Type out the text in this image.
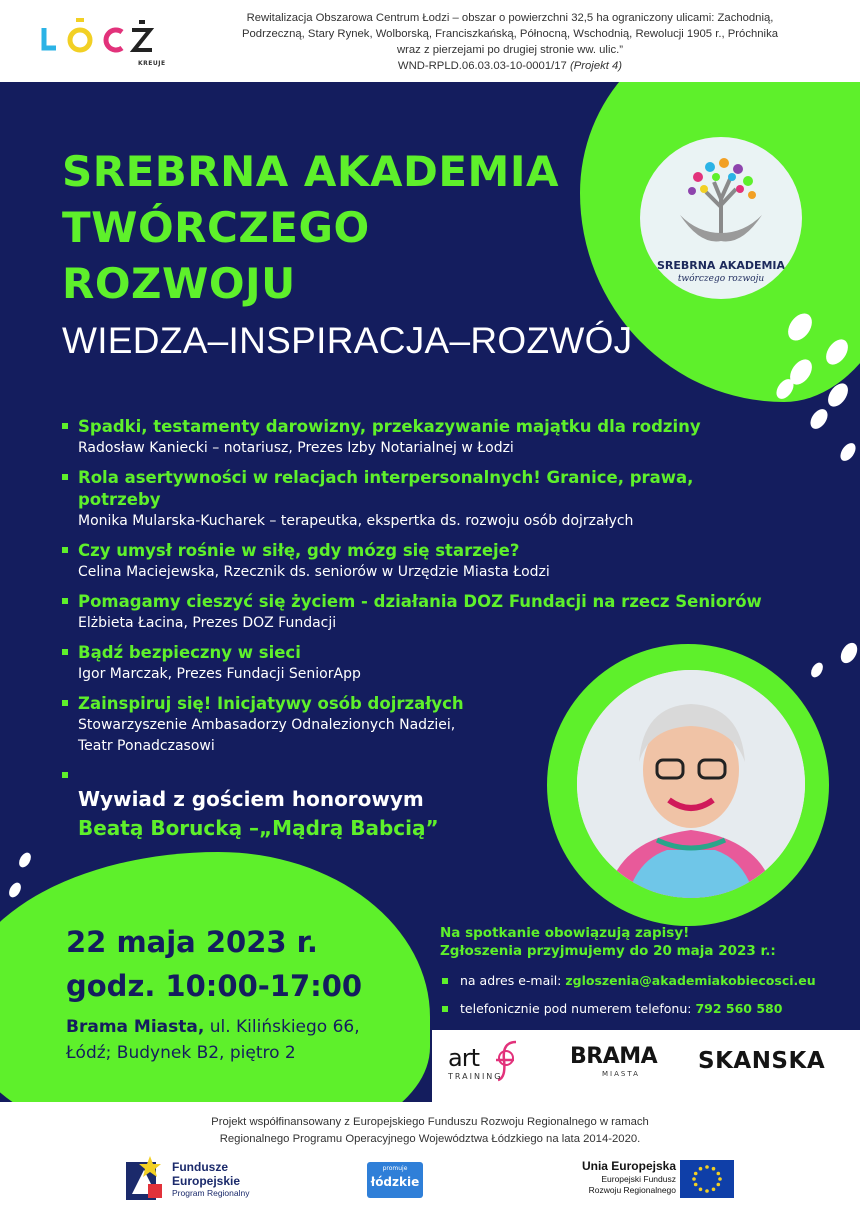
KREUJE
Rewitalizacja Obszarowa Centrum Łodzi – obszar o powierzchni 32,5 ha ograniczony ulicami: Zachodnią,
Podrzeczną, Stary Rynek, Wolborską, Franciszkańską, Północną, Wschodnią, Rewolucji 1905 r., Próchnika
wraz z pierzejami po drugiej stronie ww. ulic.”
WND-RPLD.06.03.03-10-0001/17 (Projekt 4)
SREBRNA AKADEMIA
twórczego rozwoju
SREBRNA AKADEMIA
TWÓRCZEGO
ROZWOJU
WIEDZA–INSPIRACJA–ROZWÓJ
Spadki, testamenty darowizny, przekazywanie majątku dla rodziny
Radosław Kaniecki – notariusz, Prezes Izby Notarialnej w Łodzi
Rola asertywności w relacjach interpersonalnych! Granice, prawa, potrzeby
Monika Mularska-Kucharek – terapeutka, ekspertka ds. rozwoju osób dojrzałych
Czy umysł rośnie w siłę, gdy mózg się starzeje?
Celina Maciejewska, Rzecznik ds. seniorów w Urzędzie Miasta Łodzi
Pomagamy cieszyć się życiem - działania DOZ Fundacji na rzecz Seniorów
Elżbieta Łacina, Prezes DOZ Fundacji
Bądź bezpieczny w sieci
Igor Marczak, Prezes Fundacji SeniorApp
Zainspiruj się! Inicjatywy osób dojrzałych
Stowarzyszenie Ambasadorzy Odnalezionych Nadziei,
Teatr Ponadczasowi
Wywiad z gościem honorowym
Beatą Borucką –„Mądrą Babcią”
22 maja 2023 r.
godz. 10:00-17:00
Brama Miasta, ul. Kilińskiego 66,
Łódź; Budynek B2, piętro 2
Na spotkanie obowiązują zapisy!
Zgłoszenia przyjmujemy do 20 maja 2023 r.:
na adres e-mail: zgloszenia@akademiakobiecosci.eu
telefonicznie pod numerem telefonu: 792 560 580
art
TRAINING
BRAMA
MIASTA	SKANSKA
Projekt współfinansowany z Europejskiego Funduszu Rozwoju Regionalnego w ramach
Regionalnego Programu Operacyjnego Województwa Łódzkiego na lata 2014-2020.
Fundusze
Europejskie
Program Regionalny
promuje
łódzkie
Unia Europejska
Europejski Fundusz
Rozwoju Regionalnego
